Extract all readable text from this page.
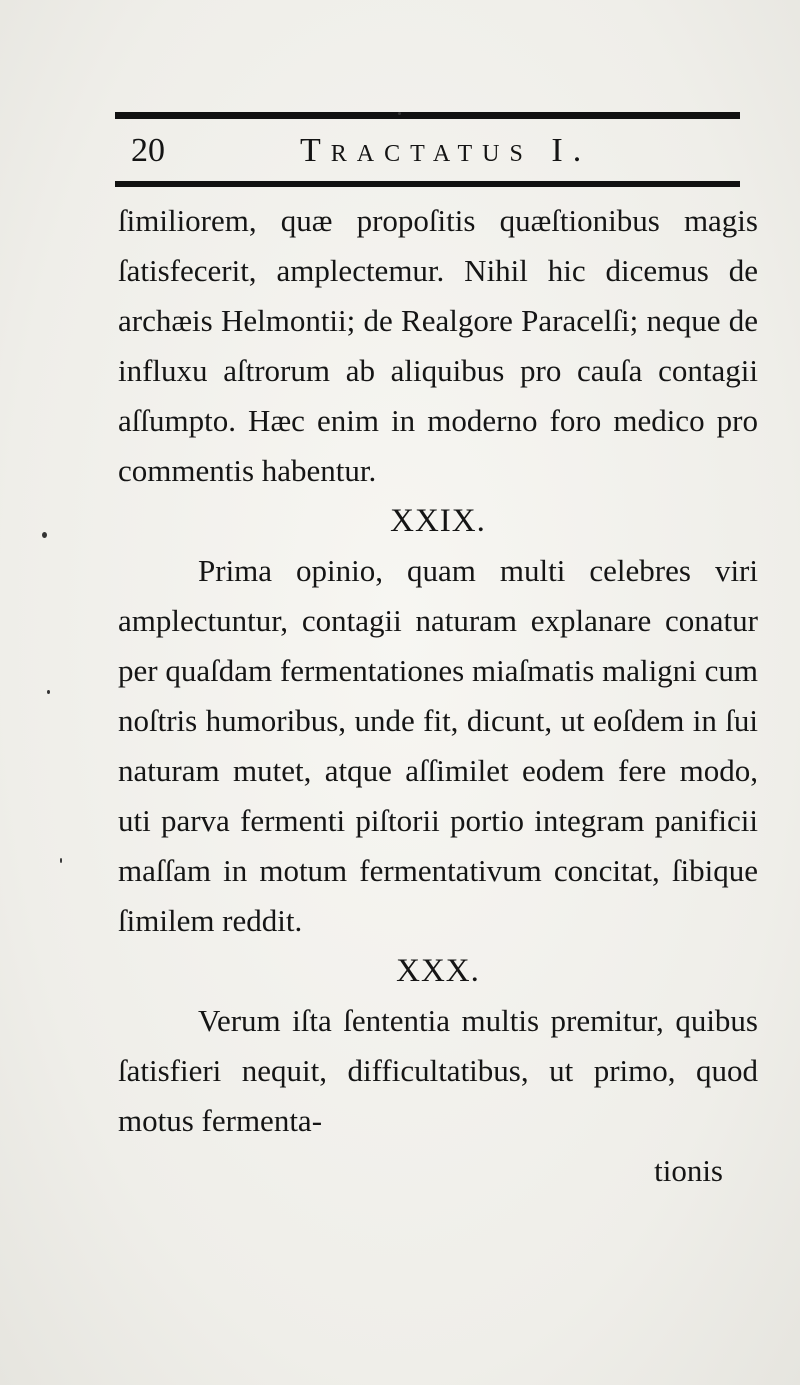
20	Tractatus I.

ſimiliorem, quæ propoſitis quæſtionibus magis ſatisfecerit, amplectemur. Nihil hic dicemus de archæis Helmontii; de Realgore Paracelſi; neque de influxu aſtrorum ab aliquibus pro cauſa contagii aſſumpto. Hæc enim in moderno foro medico pro commentis habentur.

XXIX.

Prima opinio, quam multi celebres viri amplectuntur, contagii naturam explanare conatur per quaſdam fermentationes miaſmatis maligni cum noſtris humoribus, unde fit, dicunt, ut eoſdem in ſui naturam mutet, atque aſſimilet eodem fere modo, uti parva fermenti piſtorii portio integram panificii maſſam in motum fermentativum concitat, ſibique ſimilem reddit.

XXX.

Verum iſta ſententia multis premitur, quibus ſatisfieri nequit, difficultatibus, ut primo, quod motus fermenta-

tionis
